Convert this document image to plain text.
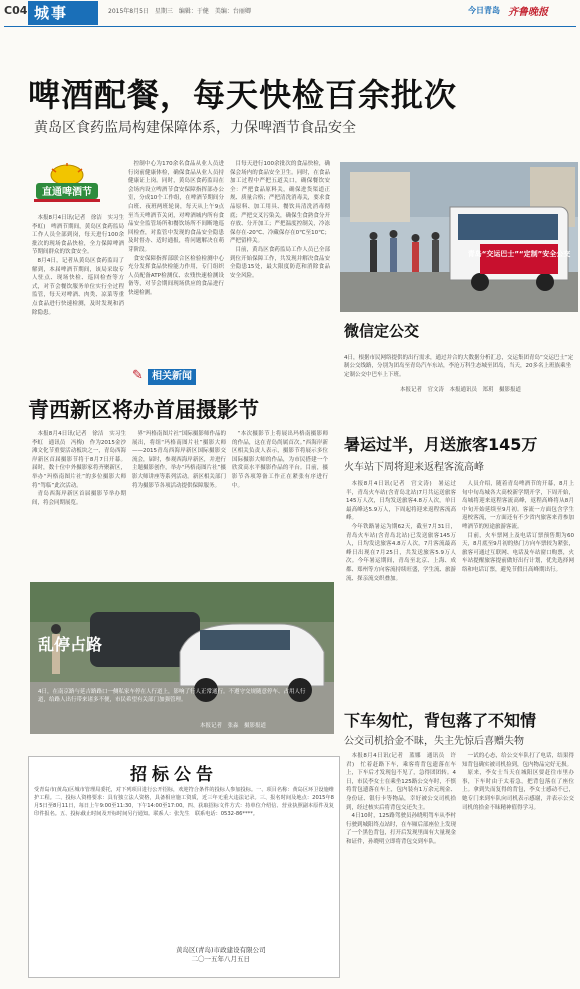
C04 城事	2015年8月5日　星期三　编辑：于健　美编：台丽卿	今日青岛 齐鲁晚报
啤酒配餐，每天快检百余批次
黄岛区食药监局构建保障体系，力保啤酒节食品安全
直通啤酒节

本报8月4日讯(记者　徐洁　实习生　李虹)　啤酒节期间，黄岛区食药监局工作人员全部到岗，每天进行100余批次的现场食品快检，全力保障啤酒节期间群众的饮食安全。

8月4日，记者从黄岛区食药监局了解到，本届啤酒节期间，该局采取专人驻点、现场快检、巡回检查等方式，对节会餐饮服务单位实行全过程监管，每天对啤酒、肉类、凉菜等重点食品进行快速检测，及时发现和消除隐患。

控制中心为170余名食品从业人员进行岗前健康体检，确保食品从业人员持健康证上岗。同时，黄岛区食药监局在会场内设立啤酒节食安保障指挥部办公室，分成10个工作组，在啤酒节期间分白班、夜班两班轮岗，每天从上午9点至当天啤酒节关闭，对啤酒城内所有食品安全监管场所和餐饮场所不间断地巡回检查，对监管中发现的食品安全隐患及时督办、适时通报，将问题解决在萌芽阶段。

食安保障指挥部联合区检验检测中心充分发挥食品快检能力作用，专门组织人员配备ATP检测仪、农残快速检测设备等，对节会期间现场供应的食品进行快速检测。

目每天进行100余批次的食品快检，确保会场内的食品安全卫生。同时，在食品加工过程中严把五道关口，确保餐饮安全：严把食品原料关，确保进货渠道正规、质量合格；严把清洗消毒关，要求食品原料、加工用具、餐饮具清洗消毒彻底；严把交叉污染关，确保生食熟食分开存放、分开加工；严把温度控制关，冷冻保存在-20℃、冷藏保存在0℃至10℃；严把留样关。

目前，黄岛区食药监局工作人员已全部到位开始保障工作，共发现并解决食品安全隐患15处，最大限度防范和消除食品安全风险。

青岛“交运巴士”“定制”安全公交
微信定公交
4日，根据市民网络提供的出行需求，通过并合的大数据分析汇总，交运集团青岛“交运巴士”定制公交线路，分别为团岛至青岛汽车东站，李沧万科生态城至团岛，当天，20多名上班族乘坐定制公交中巴车上下班。
本报记者　官文涛　本报通讯员　郑玥　摄影报道
✎ 相关新闻
青西新区将办首届摄影节

本报8月4日讯(记者　徐洁　实习生　李虹　通讯员　冯梅)　作为2015金沙滩文化节重要活动板块之一，青岛西海岸新区首届摄影节将于8月7日开幕。届时，数十位中外摄影家将齐聚新区，举办“玛格南图片社”的多位摄影大师将“驾临”此次活动。

青岛西海岸新区首届摄影节举办期间，将会同期展览。

界“玛格南图片社”国际摄影师作品的展出，将组“玛格南图片社”摄影大师——2015青岛西海岸新区国际摄影交流会，届时，参观西海岸新区，并进行主题摄影创作，举办“玛格南图片社”摄影大师讲座等系列活动。新区相关部门将为摄影节各项活动提供保障服务。

“本次摄影节上将展出玛格南摄影师的作品，这在青岛尚属首次。”西海岸新区相关负责人表示，摄影节将展示多位国际摄影大师的作品，为市民搭建一个欣赏高水平摄影作品的平台。目前，摄影节各项筹备工作正在紧张有序进行中。

暑运过半，月送旅客145万
火车站下周将迎来返程客流高峰

本报8月4日讯(记者　官文涛)　暑运过半，青岛火车站(含青岛北站)7月共运送旅客145万人次，日均发送旅客4.8万人次，单日最高峰达5.9万人，下周起将迎来返程客流高峰。

今年铁路暑运为期62天，截至7月31日，青岛火车站(含青岛北站)已发送旅客145万人，日均发送旅客4.8万人次，7月客流最高峰日出现在7月25日，共发送旅客5.9万人次。今年暑运期间，青岛至北京、上海、成都、郑州等方向客流持续旺盛，学生流、旅游流、探亲流交织叠加。

人员介绍，随着青岛啤酒节的开幕，8月上旬中旬岛城各大高校新学期开学，下周开始，岛城将迎来返程客流高峰，返程高峰将从8月中旬开始延续至9月初。客流一方面包含学生返校客流，一方面还有不少省内旅客来青参加啤酒节的短途旅游客流。

目前，火车票网上及电话订票预售期为60天，8月底至9月初的热门方向车票较为紧张，旅客可通过互联网、电话及车站窗口购票，火车站提醒旅客提前做好出行计划，优先选择网络和电话订票，避免节假日高峰期出行。

乱停占路
4日，在南京路与延吉路路口一侧私家车停在人行道上，影响了行人正常通行。不遵守交规随意停车、占用人行道，给路人出行带来诸多不便，市民希望有关部门加强管理。
本报记者　张淼　摄影报道	下车匆忙，背包落了不知情
公交司机拾金不昧，失主先惊后喜赠失物

本报8月4日讯(记者　蓝娜　通讯员　许君)　忙着赶路下车，乘客将背包遗落在车上，下车后才发现包不见了，急得团团转。4日，市民李女士在乘坐125路公交车时，不慎将背包遗落在车上，包内装有1万余元现金、身份证、银行卡等物品，幸好被公交司机拾到，经过核实后将背包交还失主。

4日10时，125路驾驶员孙晓明驾车从李村行驶到城阳终点站时，在车厢后部座位上发现了一个黑色背包，打开后发现里面有大量现金和证件，孙晓明立即将背包交到车队。

一试的心态，给公交车队打了电话，结果得知背包确实被司机捡到，包内物品完好无损。

原来，李女士当天在城阳区要赶往市里办事，下车时由于太着急，把背包落在了座位上。拿到失而复得的背包，李女士感动不已，她专门来到车队向司机表示感谢，并表示公交司机的拾金不昧精神值得学习。

招标公告
受青岛市(黄岛)区城市管理局委托，对下列项目进行公开招标，欢迎符合条件的投标人参加投标。一、项目名称：黄岛区环卫设施维护工程。二、投标人资格要求：具有独立法人资格，具备相应施工资质，近三年无重大违法记录。三、报名时间及地点：2015年8月5日至8月11日，每日上午9:00至11:30，下午14:00至17:00。四、获取招标文件方式：持单位介绍信、营业执照副本原件及复印件报名。五、投标截止时间及开标时间另行通知。联系人：张先生　联系电话：0532-86****。
黄岛区(青岛)市政建设有限公司
二〇一五年八月五日
